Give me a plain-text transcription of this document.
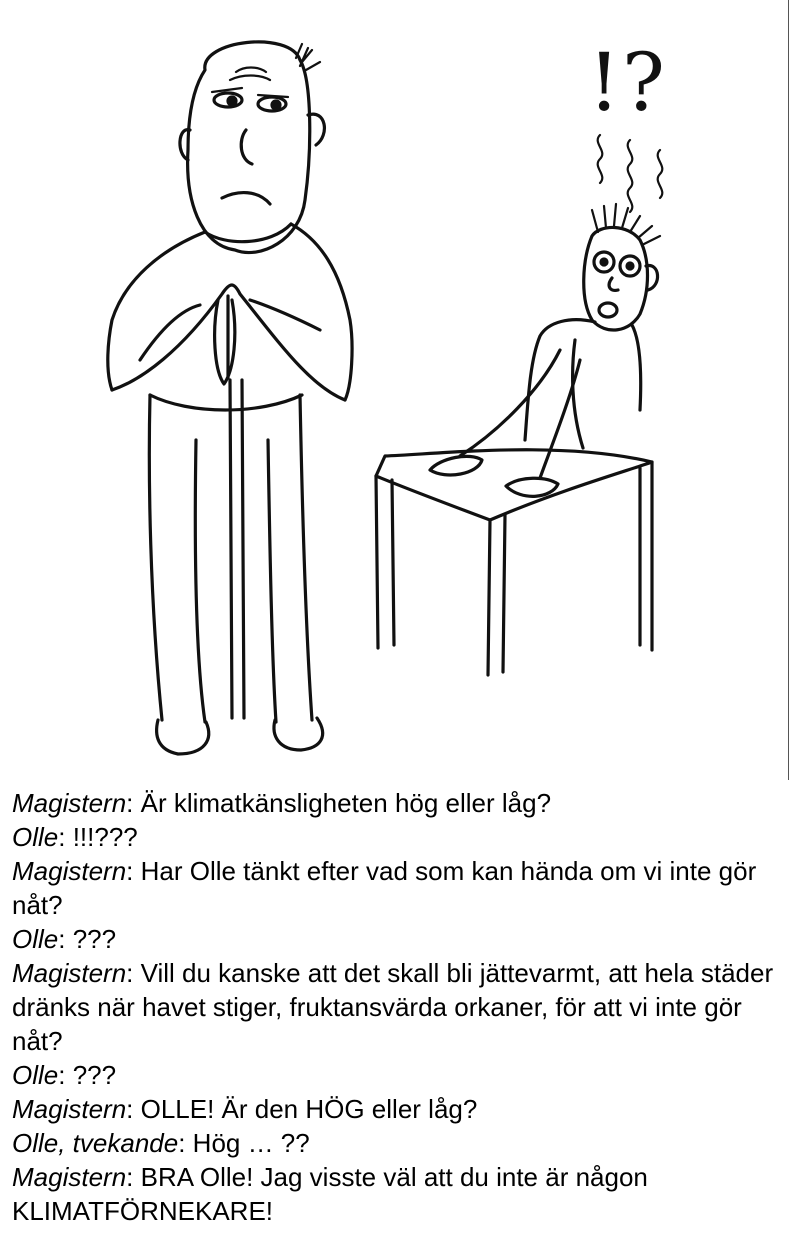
! ?

Magistern: Är klimatkänsligheten hög eller låg?

Olle: !!!???

Magistern: Har Olle tänkt efter vad som kan hända om vi inte gör nåt?

Olle: ???

Magistern: Vill du kanske att det skall bli jättevarmt, att hela städer dränks när havet stiger, fruktansvärda orkaner, för att vi inte gör nåt?

Olle: ???

Magistern: OLLE! Är den HÖG eller låg?

Olle, tvekande: Hög … ??

Magistern: BRA Olle! Jag visste väl att du inte är någon KLIMATFÖRNEKARE!
